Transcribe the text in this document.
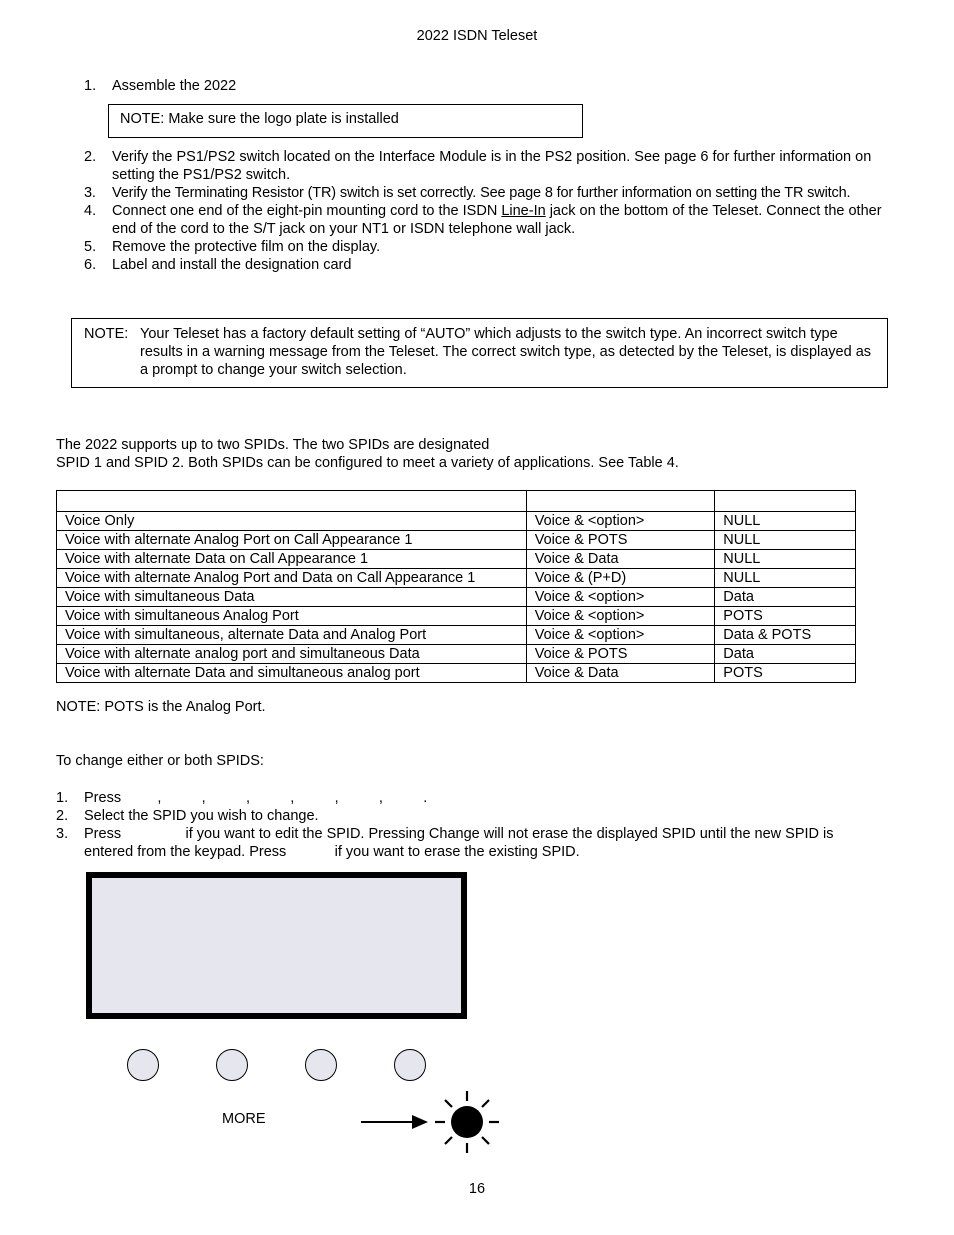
2022 ISDN Teleset
1. Assemble the 2022
NOTE: Make sure the logo plate is installed
2. Verify the PS1/PS2 switch located on the Interface Module is in the PS2 position. See page 6 for further information on setting the PS1/PS2 switch.
3. Verify the Terminating Resistor (TR) switch is set correctly. See page 8 for further information on setting the TR switch.
4. Connect one end of the eight-pin mounting cord to the ISDN Line-In jack on the bottom of the Teleset. Connect the other end of the cord to the S/T jack on your NT1 or ISDN telephone wall jack.
5. Remove the protective film on the display.
6. Label and install the designation card
NOTE: Your Teleset has a factory default setting of “AUTO” which adjusts to the switch type. An incorrect switch type results in a warning message from the Teleset. The correct switch type, as detected by the Teleset, is displayed as a prompt to change your switch selection.
The 2022 supports up to two SPIDs. The two SPIDs are designated
SPID 1 and SPID 2. Both SPIDs can be configured to meet a variety of applications. See Table 4.

Voice Only	Voice & <option>	NULL
Voice with alternate Analog Port on Call Appearance 1	Voice & POTS	NULL
Voice with alternate Data on Call Appearance 1	Voice & Data	NULL
Voice with alternate Analog Port and Data on Call Appearance 1	Voice & (P+D)	NULL
Voice with simultaneous Data	Voice & <option>	Data
Voice with simultaneous Analog Port	Voice & <option>	POTS
Voice with simultaneous, alternate Data and Analog Port	Voice & <option>	Data & POTS
Voice with alternate analog port and simultaneous Data	Voice & POTS	Data
Voice with alternate Data and simultaneous analog port	Voice & Data	POTS
NOTE: POTS is the Analog Port.
To change either or both SPIDS:
1. Press         ,          ,          ,          ,          ,          ,          .
2. Select the SPID you wish to change.
3. Press                if you want to edit the SPID. Pressing Change will not erase the displayed SPID until the new SPID is
entered from the keypad. Press            if you want to erase the existing SPID.
MORE
16
